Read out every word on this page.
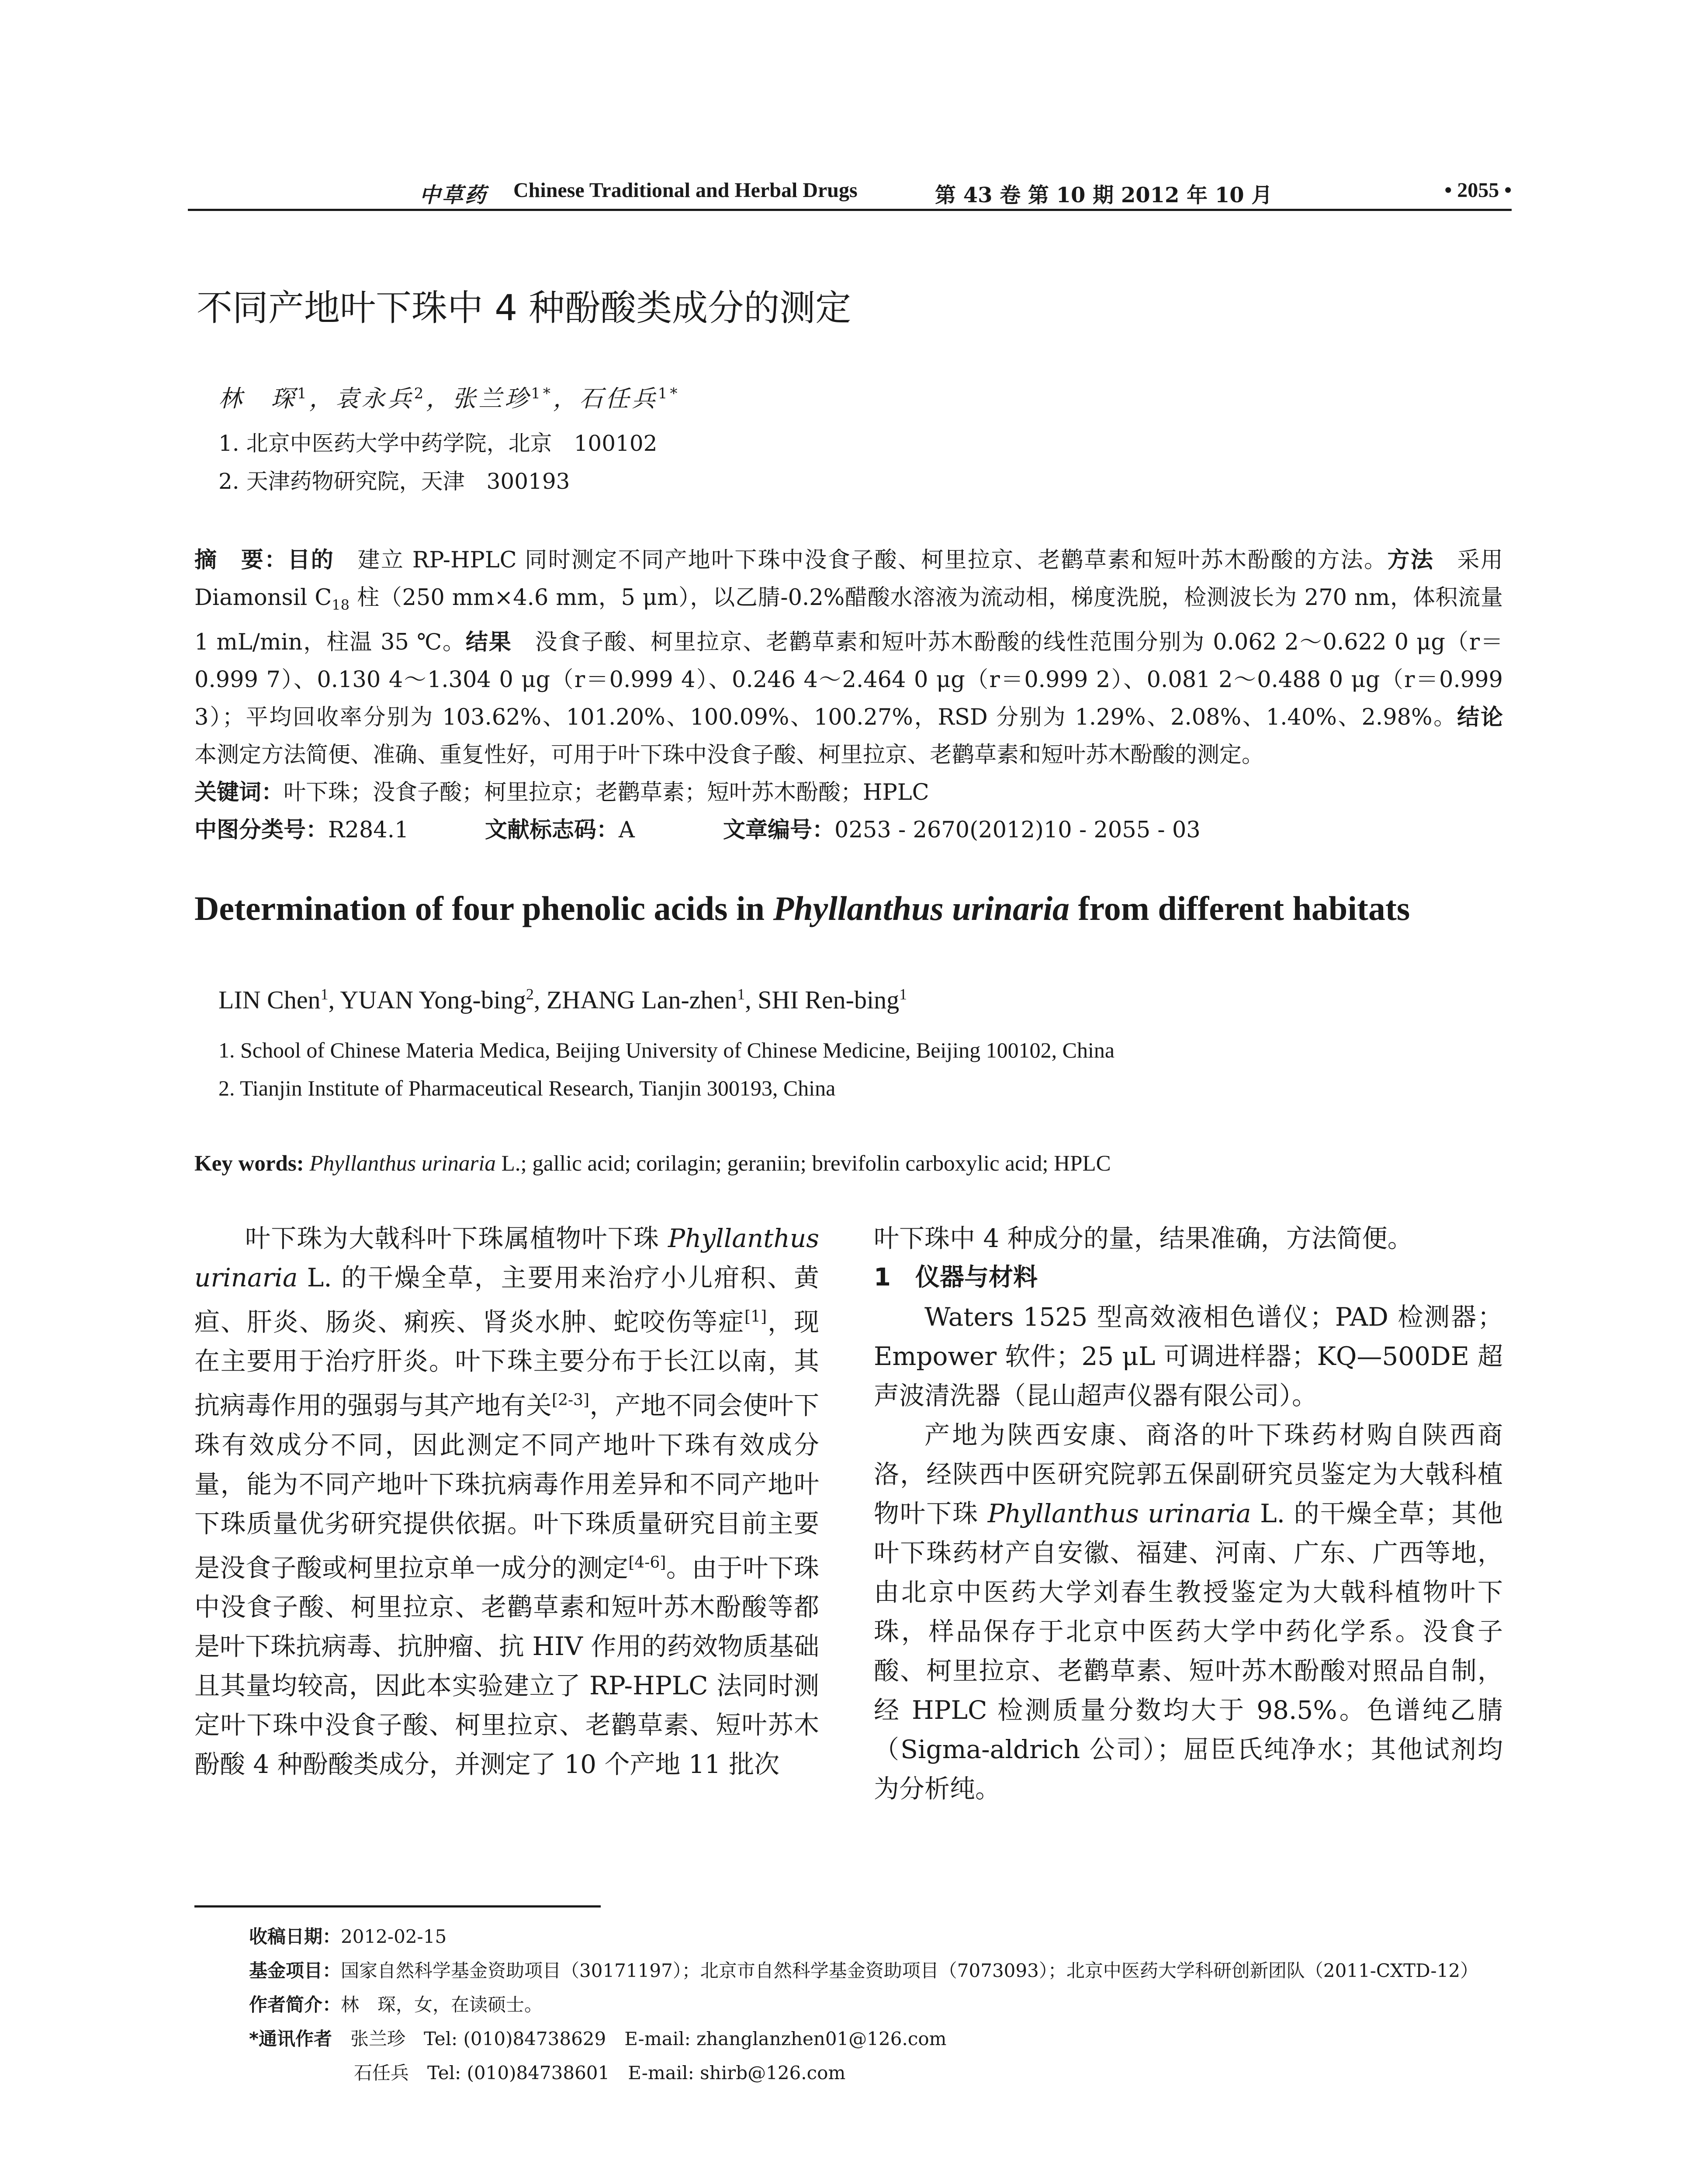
中草药 Chinese Traditional and Herbal Drugs	第 43 卷 第 10 期 2012 年 10 月	• 2055 •
不同产地叶下珠中 4 种酚酸类成分的测定
林　琛$^1$，袁永兵$^2$，张兰珍$^{1*}$，石任兵$^{1*}$
1. 北京中医药大学中药学院，北京　100102
2. 天津药物研究院，天津　300193
摘　要：目的　 建立 RP-HPLC 同时测定不同产地叶下珠中没食子酸、柯里拉京、老鹳草素和短叶苏木酚酸的方法。方法　 采用 Diamonsil $C_{18}$ 柱（250 mm×4.6 mm，5 μm），以乙腈-0.2%醋酸水溶液为流动相，梯度洗脱，检测波长为 270 nm，体积流量 1 mL/min，柱温 35 ℃。结果　 没食子酸、柯里拉京、老鹳草素和短叶苏木酚酸的线性范围分别为 0.062 2～0.622 0 μg（r＝0.999 7）、0.130 4～1.304 0 μg（r＝0.999 4）、0.246 4～2.464 0 μg（r＝0.999 2）、0.081 2～0.488 0 μg（r＝0.999 3）；平均回收率分别为 103.62%、101.20%、100.09%、100.27%，RSD 分别为 1.29%、2.08%、1.40%、2.98%。结论　本测定方法简便、准确、重复性好，可用于叶下珠中没食子酸、柯里拉京、老鹳草素和短叶苏木酚酸的测定。
关键词：叶下珠；没食子酸；柯里拉京；老鹳草素；短叶苏木酚酸；HPLC
中图分类号：R284.1	文献标志码：A	文章编号：0253 - 2670(2012)10 - 2055 - 03
Determination of four phenolic acids in Phyllanthus urinaria from different habitats
LIN Chen$^1$, YUAN Yong-bing$^2$, ZHANG Lan-zhen$^1$, SHI Ren-bing$^1$
1. School of Chinese Materia Medica, Beijing University of Chinese Medicine, Beijing 100102, China
2. Tianjin Institute of Pharmaceutical Research, Tianjin 300193, China
Key words: Phyllanthus urinaria L.; gallic acid; corilagin; geraniin; brevifolin carboxylic acid; HPLC

叶下珠为大戟科叶下珠属植物叶下珠 Phyllanthus urinaria L. 的干燥全草，主要用来治疗小儿疳积、黄疸、肝炎、肠炎、痢疾、肾炎水肿、蛇咬伤等症[1]，现在主要用于治疗肝炎。叶下珠主要分布于长江以南，其抗病毒作用的强弱与其产地有关[2-3]，产地不同会使叶下珠有效成分不同，因此测定不同产地叶下珠有效成分量，能为不同产地叶下珠抗病毒作用差异和不同产地叶下珠质量优劣研究提供依据。叶下珠质量研究目前主要是没食子酸或柯里拉京单一成分的测定[4-6]。由于叶下珠中没食子酸、柯里拉京、老鹳草素和短叶苏木酚酸等都是叶下珠抗病毒、抗肿瘤、抗 HIV 作用的药效物质基础且其量均较高，因此本实验建立了 RP-HPLC 法同时测定叶下珠中没食子酸、柯里拉京、老鹳草素、短叶苏木酚酸 4 种酚酸类成分，并测定了 10 个产地 11 批次

叶下珠中 4 种成分的量，结果准确，方法简便。

1　仪器与材料

Waters 1525 型高效液相色谱仪；PAD 检测器；Empower 软件；25 μL 可调进样器；KQ—500DE 超声波清洗器（昆山超声仪器有限公司）。

产地为陕西安康、商洛的叶下珠药材购自陕西商洛，经陕西中医研究院郭五保副研究员鉴定为大戟科植物叶下珠 Phyllanthus urinaria L. 的干燥全草；其他叶下珠药材产自安徽、福建、河南、广东、广西等地，由北京中医药大学刘春生教授鉴定为大戟科植物叶下珠，样品保存于北京中医药大学中药化学系。没食子酸、柯里拉京、老鹳草素、短叶苏木酚酸对照品自制，经 HPLC 检测质量分数均大于 98.5%。色谱纯乙腈（Sigma-aldrich 公司）；屈臣氏纯净水；其他试剂均为分析纯。

收稿日期：2012-02-15
基金项目：国家自然科学基金资助项目（30171197）；北京市自然科学基金资助项目（7073093）；北京中医药大学科研创新团队（2011-CXTD-12）
作者简介：林　琛，女，在读硕士。
*通讯作者　 张兰珍　Tel: (010)84738629　E-mail: zhanglanzhen01@126.com
石任兵　Tel: (010)84738601　E-mail: shirb@126.com
